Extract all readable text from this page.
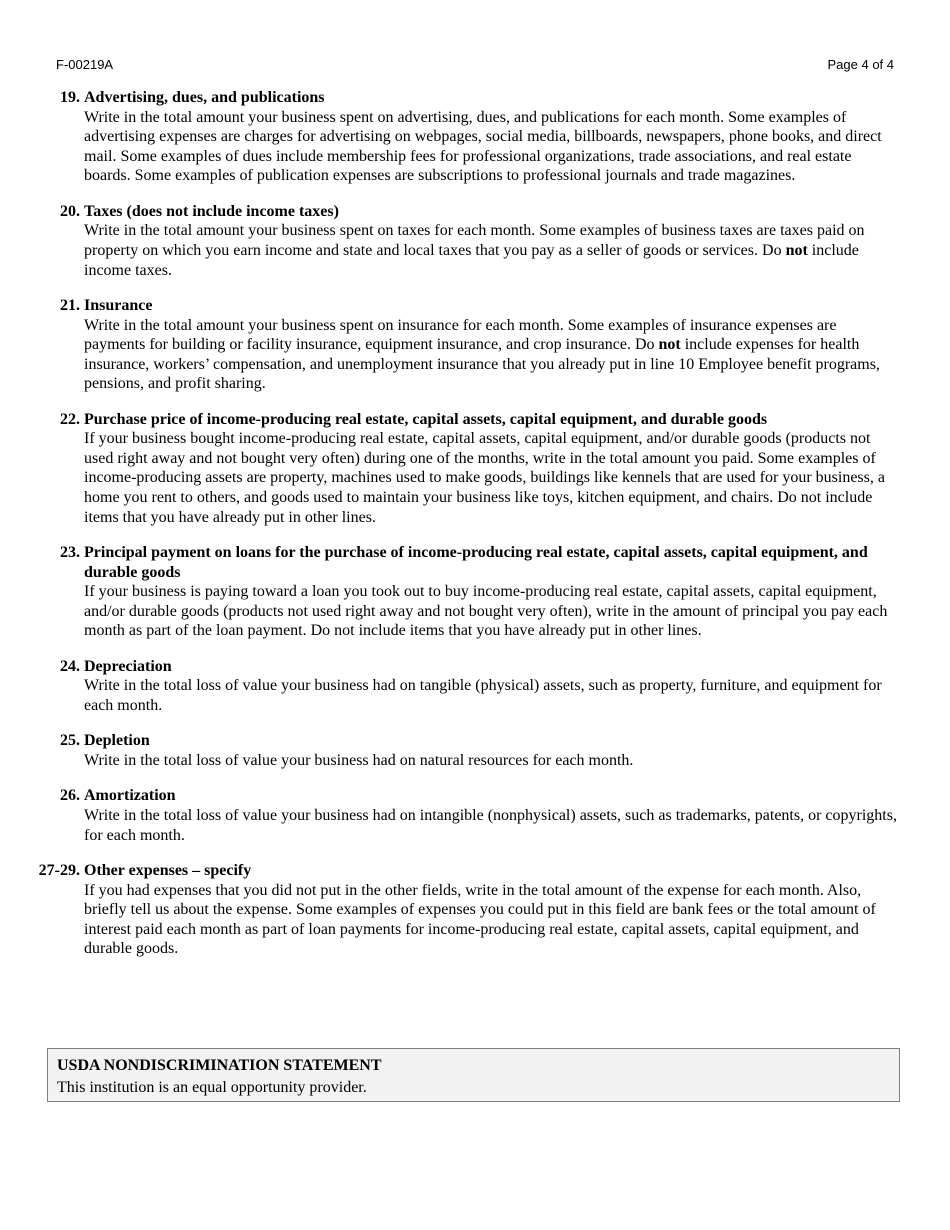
F-00219A	Page 4 of 4
19. Advertising, dues, and publications
Write in the total amount your business spent on advertising, dues, and publications for each month. Some examples of advertising expenses are charges for advertising on webpages, social media, billboards, newspapers, phone books, and direct mail. Some examples of dues include membership fees for professional organizations, trade associations, and real estate boards. Some examples of publication expenses are subscriptions to professional journals and trade magazines.
20. Taxes (does not include income taxes)
Write in the total amount your business spent on taxes for each month. Some examples of business taxes are taxes paid on property on which you earn income and state and local taxes that you pay as a seller of goods or services. Do not include income taxes.
21. Insurance
Write in the total amount your business spent on insurance for each month. Some examples of insurance expenses are payments for building or facility insurance, equipment insurance, and crop insurance. Do not include expenses for health insurance, workers’ compensation, and unemployment insurance that you already put in line 10 Employee benefit programs, pensions, and profit sharing.
22. Purchase price of income-producing real estate, capital assets, capital equipment, and durable goods
If your business bought income-producing real estate, capital assets, capital equipment, and/or durable goods (products not used right away and not bought very often) during one of the months, write in the total amount you paid. Some examples of income-producing assets are property, machines used to make goods, buildings like kennels that are used for your business, a home you rent to others, and goods used to maintain your business like toys, kitchen equipment, and chairs. Do not include items that you have already put in other lines.
23. Principal payment on loans for the purchase of income-producing real estate, capital assets, capital equipment, and durable goods
If your business is paying toward a loan you took out to buy income-producing real estate, capital assets, capital equipment, and/or durable goods (products not used right away and not bought very often), write in the amount of principal you pay each month as part of the loan payment. Do not include items that you have already put in other lines.
24. Depreciation
Write in the total loss of value your business had on tangible (physical) assets, such as property, furniture, and equipment for each month.
25. Depletion
Write in the total loss of value your business had on natural resources for each month.
26. Amortization
Write in the total loss of value your business had on intangible (nonphysical) assets, such as trademarks, patents, or copyrights, for each month.
27-29. Other expenses – specify
If you had expenses that you did not put in the other fields, write in the total amount of the expense for each month. Also, briefly tell us about the expense. Some examples of expenses you could put in this field are bank fees or the total amount of interest paid each month as part of loan payments for income-producing real estate, capital assets, capital equipment, and durable goods.
USDA NONDISCRIMINATION STATEMENT
This institution is an equal opportunity provider.
